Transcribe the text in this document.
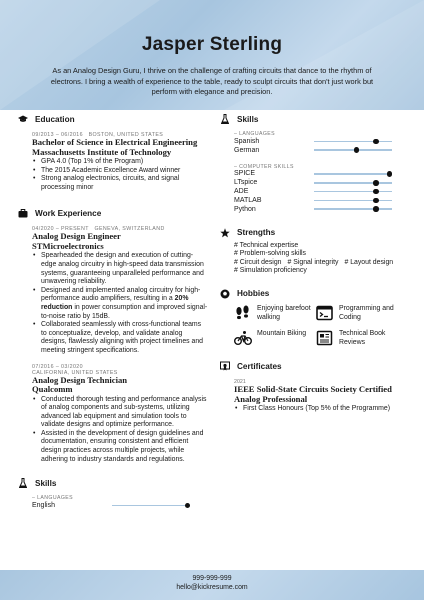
Jasper Sterling
As an Analog Design Guru, I thrive on the challenge of crafting circuits that dance to the rhythm of electrons. I bring a wealth of experience to the table, ready to sculpt circuits that don't just work but perform with elegance and precision.
Education
09/2013 – 06/2016 BOSTON, UNITED STATES
Bachelor of Science in Electrical Engineering
Massachusetts Institute of Technology
• GPA 4.0 (Top 1% of the Program)
• The 2015 Academic Excellence Award winner
• Strong analog electronics, circuits, and signal processing minor
Work Experience
04/2020 – PRESENT GENEVA, SWITZERLAND
Analog Design Engineer
STMicroelectronics
• Spearheaded the design and execution of cutting-edge analog circuitry in high-speed data transmission systems, guaranteeing unparalleled performance and unwavering reliability.
• Designed and implemented analog circuitry for high-performance audio amplifiers, resulting in a 20% reduction in power consumption and improved signal-to-noise ratio by 15dB.
• Collaborated seamlessly with cross-functional teams to conceptualize, develop, and validate analog designs, flawlessly aligning with project timelines and meeting stringent specifications.
07/2016 – 03/2020
CALIFORNIA, UNITED STATES
Analog Design Technician
Qualcomm
• Conducted thorough testing and performance analysis of analog components and sub-systems, utilizing advanced lab equipment and simulation tools to validate designs and optimize performance.
• Assisted in the development of design guidelines and documentation, ensuring consistent and efficient design practices across multiple projects, while adhering to industry standards and regulations.
Skills
– LANGUAGES
English
Skills
– LANGUAGES
Spanish
German
– COMPUTER SKILLS
SPICE
LTspice
ADE
MATLAB
Python
Strengths
# Technical expertise
# Problem-solving skills
# Circuit design # Signal integrity # Layout design
# Simulation proficiency
Hobbies
Enjoying barefoot walking
Programming and Coding
Mountain Biking	Technical Book Reviews
Certificates
2021
IEEE Solid-State Circuits Society Certified Analog Professional
• First Class Honours (Top 5% of the Programme)
999-999-999
hello@kickresume.com
